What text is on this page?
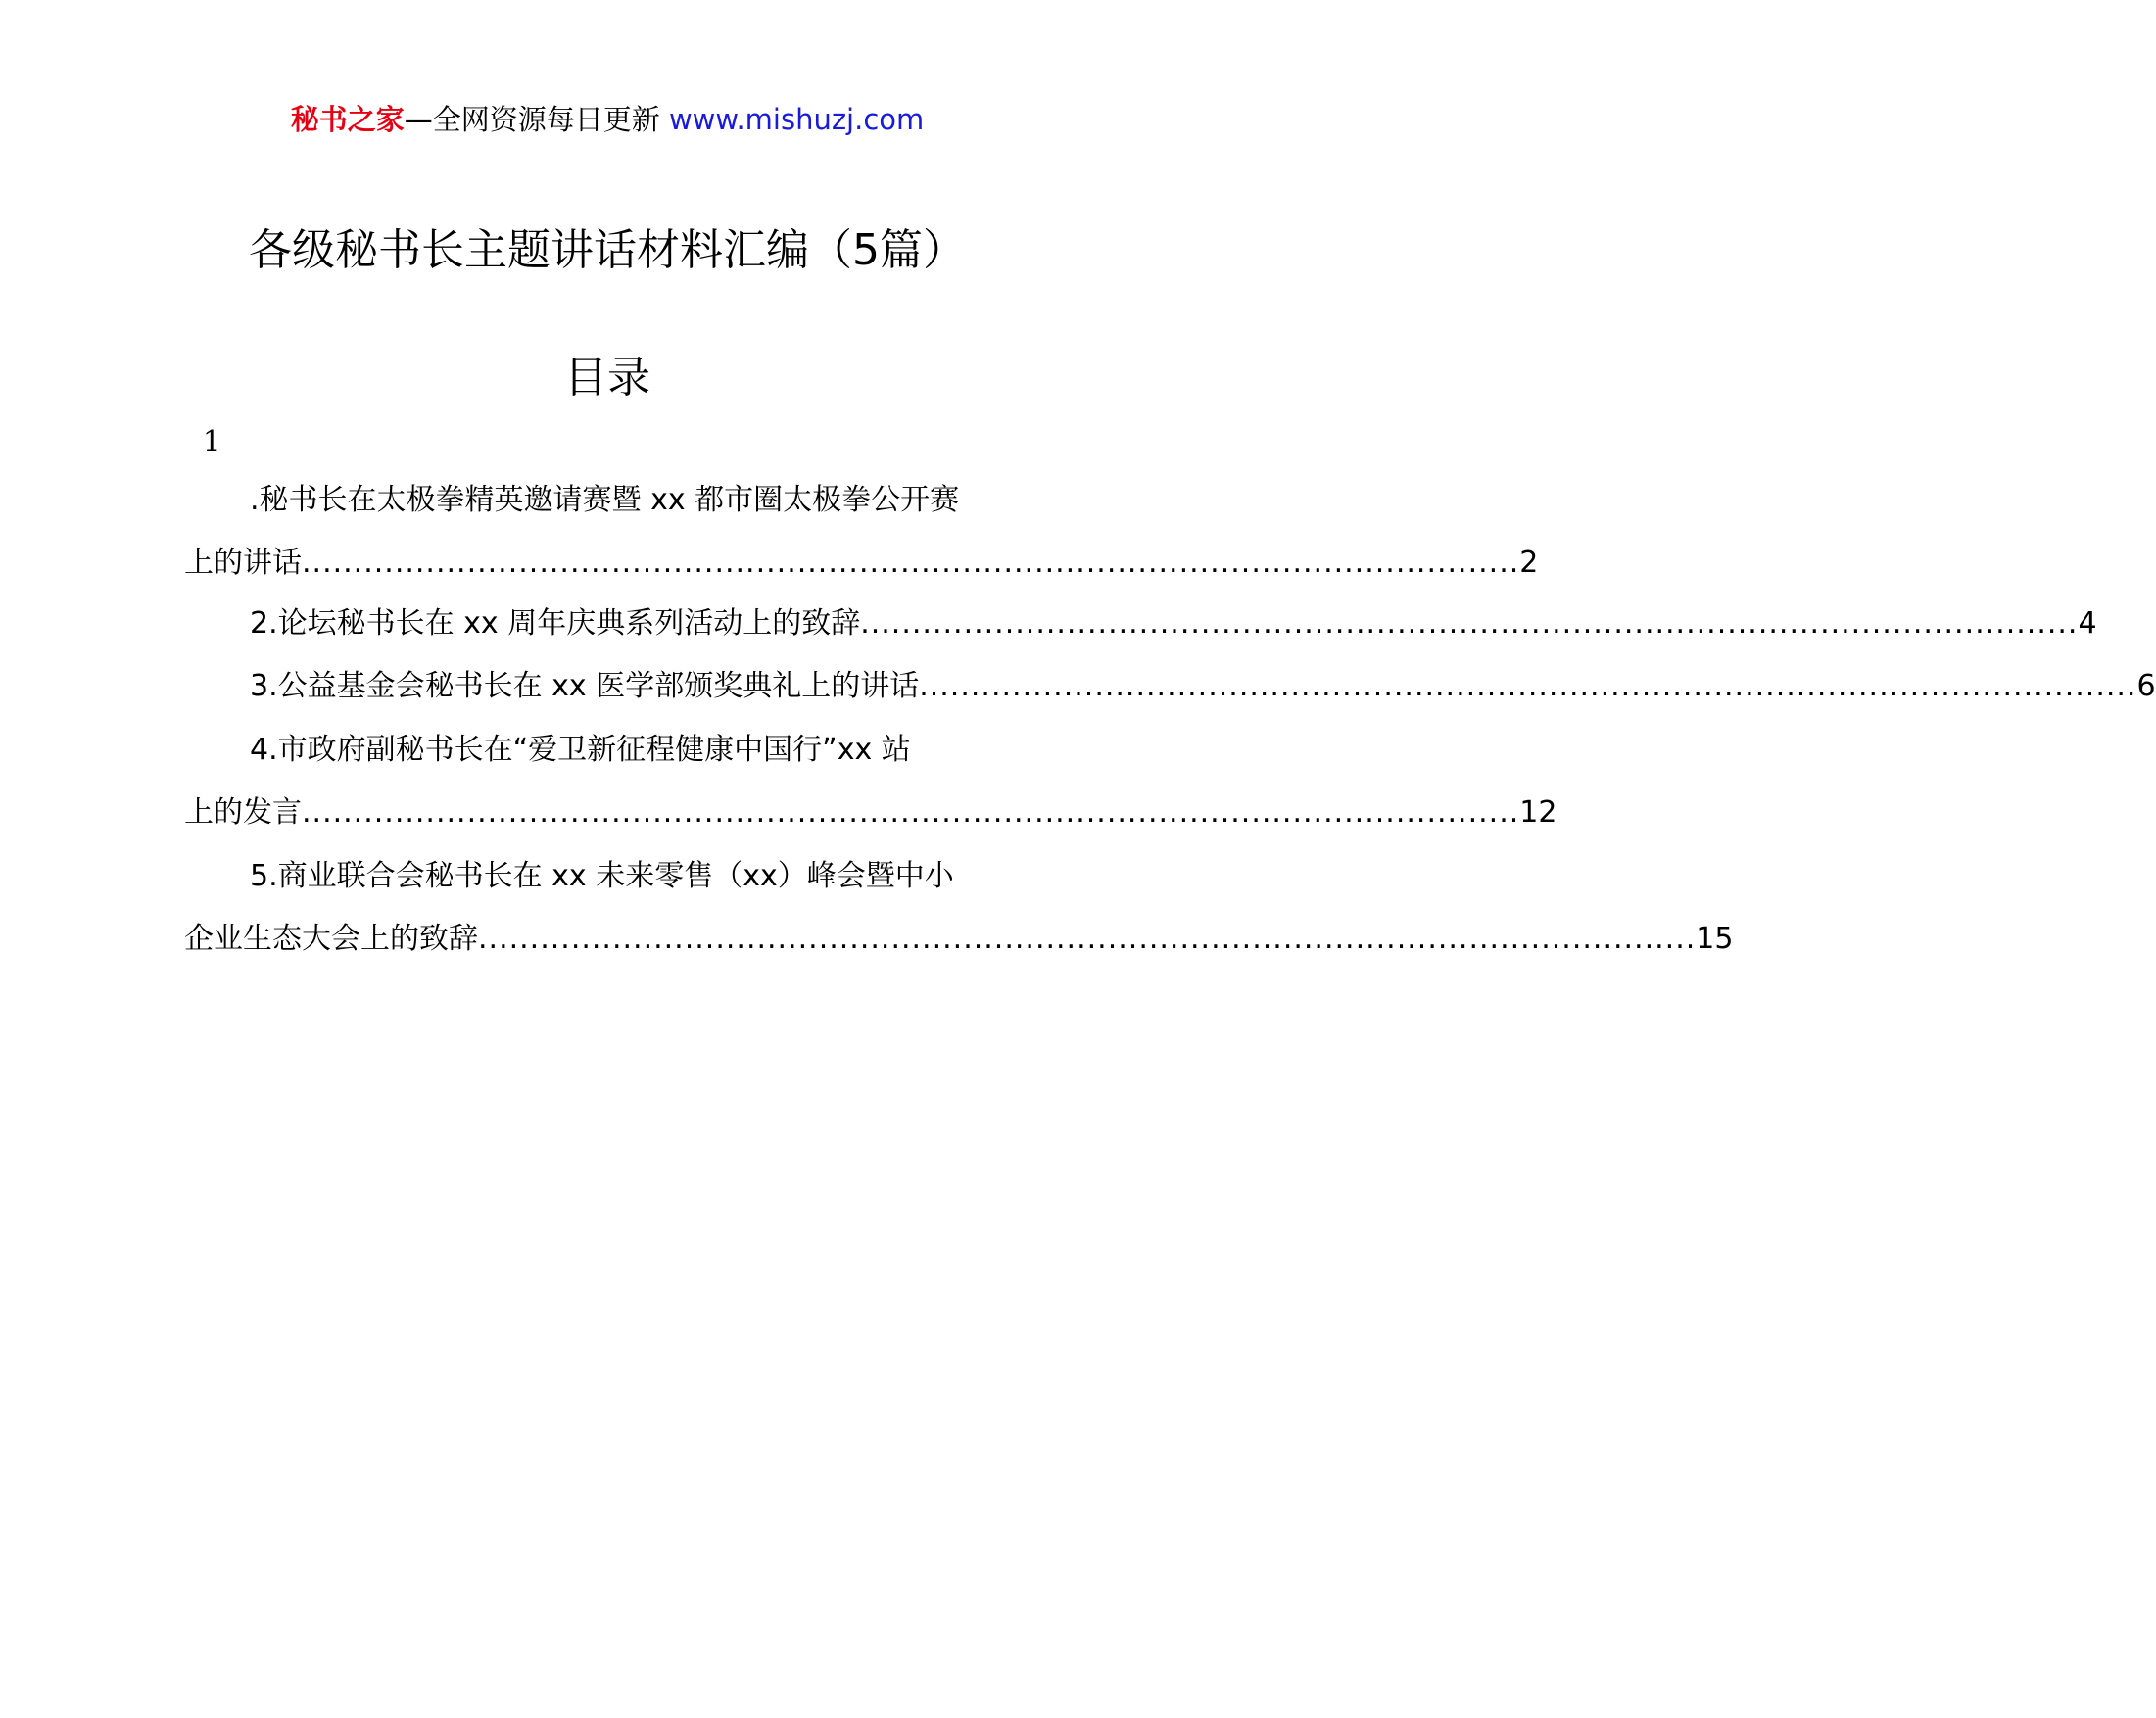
秘书之家—全网资源每日更新 www.mishuzj.com
各级秘书长主题讲话材料汇编（5篇）
目录
1
.秘书长在太极拳精英邀请赛暨 xx 都市圈太极拳公开赛
上的讲话 ...................................................................................................................... 2
2.论坛秘书长在 xx 周年庆典系列活动上的致辞 ...................................................................................................................... 4
3.公益基金会秘书长在 xx 医学部颁奖典礼上的讲话 ...................................................................................................................... 6
4.市政府副秘书长在“爱卫新征程健康中国行”xx 站
上的发言 ...................................................................................................................... 12
5.商业联合会秘书长在 xx 未来零售（xx）峰会暨中小
企业生态大会上的致辞 ...................................................................................................................... 15
